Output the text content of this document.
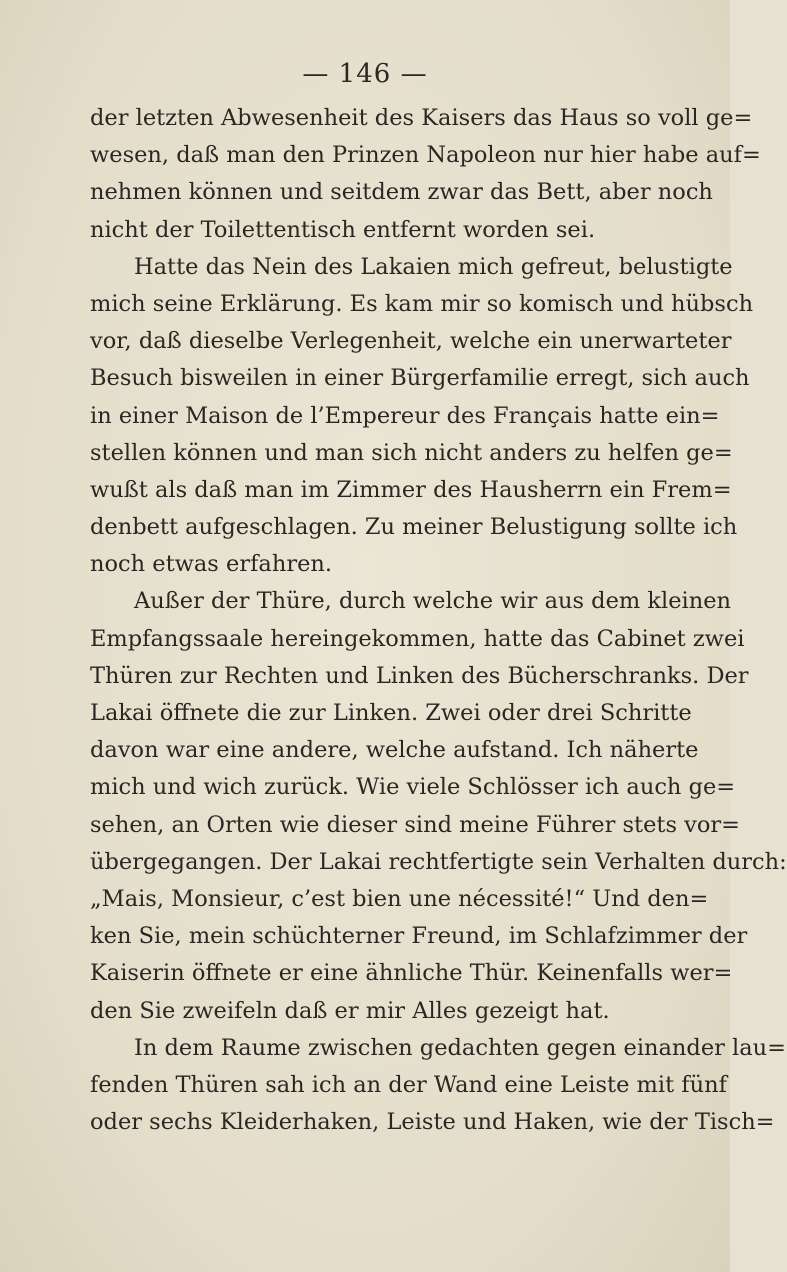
— 146 —
der letzten Abwesenheit des Kaisers das Haus so voll ge=
wesen, daß man den Prinzen Napoleon nur hier habe auf=
nehmen können und seitdem zwar das Bett, aber noch
nicht der Toilettentisch entfernt worden sei.
Hatte das Nein des Lakaien mich gefreut, belustigte
mich seine Erklärung. Es kam mir so komisch und hübsch
vor, daß dieselbe Verlegenheit, welche ein unerwarteter
Besuch bisweilen in einer Bürgerfamilie erregt, sich auch
in einer Maison de l’Empereur des Français hatte ein=
stellen können und man sich nicht anders zu helfen ge=
wußt als daß man im Zimmer des Hausherrn ein Frem=
denbett aufgeschlagen. Zu meiner Belustigung sollte ich
noch etwas erfahren.
Außer der Thüre, durch welche wir aus dem kleinen
Empfangssaale hereingekommen, hatte das Cabinet zwei
Thüren zur Rechten und Linken des Bücherschranks. Der
Lakai öffnete die zur Linken. Zwei oder drei Schritte
davon war eine andere, welche aufstand. Ich näherte
mich und wich zurück. Wie viele Schlösser ich auch ge=
sehen, an Orten wie dieser sind meine Führer stets vor=
übergegangen. Der Lakai rechtfertigte sein Verhalten durch:
„Mais, Monsieur, c’est bien une nécessité!“ Und den=
ken Sie, mein schüchterner Freund, im Schlafzimmer der
Kaiserin öffnete er eine ähnliche Thür. Keinenfalls wer=
den Sie zweifeln daß er mir Alles gezeigt hat.
In dem Raume zwischen gedachten gegen einander lau=
fenden Thüren sah ich an der Wand eine Leiste mit fünf
oder sechs Kleiderhaken, Leiste und Haken, wie der Tisch=
